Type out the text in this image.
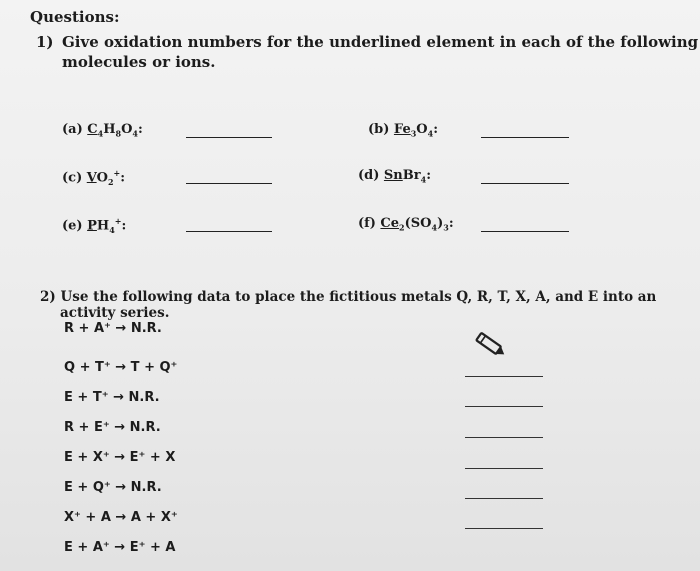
Questions:
1) Give oxidation numbers for the underlined element in each of the following
molecules or ions.
(a) $C_4H_8O_4$:	(b) $Fe_3O_4$:
(c) $VO_2^+$:	(d) SnBr$_4$:
(e) $PH_4^+$:	(f) $Ce_2(SO_4)_3$:
2) Use the following data to place the fictitious metals Q, R, T, X, A, and E into an
activity series.
R + A⁺ → N.R.
Q + T⁺ → T + Q⁺
E + T⁺ → N.R.
R + E⁺ → N.R.
E + X⁺ → E⁺ + X
E + Q⁺ → N.R.
X⁺ + A → A + X⁺
E + A⁺ → E⁺ + A
